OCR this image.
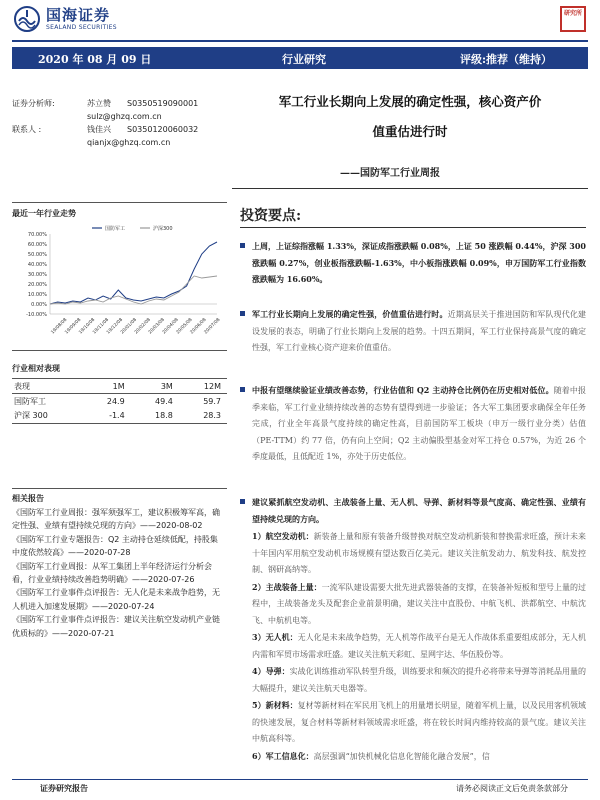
国海证券
SEALAND SECURITIES
研究所
2020 年 08 月 09 日	行业研究	评级:推荐（维持）
证券分析师:	苏立赞	S0350519090001
sulz@ghzq.com.cn
联系人 :	钱佳兴	S0350120060032
qianjx@ghzq.com.cn
军工行业长期向上发展的确定性强，核心资产价
值重估进行时
——国防军工行业周报
最近一年行业走势
70.00%
60.00%
50.00%
40.00%
30.00%
20.00%
10.00%
0.00%
-10.00%
19/08/08
19/09/08
19/10/08
19/11/08
19/12/08
20/01/08
20/02/08
20/03/08
20/04/08
20/05/08
20/06/08
20/07/08
国防军工	沪深300
行业相对表现
表现	1M	3M	12M
国防军工	24.9	49.4	59.7
沪深 300	-1.4	18.8	28.3
相关报告
《国防军工行业周报：强军须强军工，建议积极筹军高，确定性强、业绩有望持续兑现的方向》——2020-08-02
《国防军工行业专题报告：Q2 主动持仓延续低配，持股集中度依然较高》——2020-07-28
《国防军工行业周报：从军工集团上半年经济运行分析会看，行业业绩持续改善趋势明确》——2020-07-26
《国防军工行业事件点评报告：无人化是未来战争趋势，无人机进入加速发展期》——2020-07-24
《国防军工行业事件点评报告：建议关注航空发动机产业链优质标的》——2020-07-21
投资要点:
上周，上证综指涨幅 1.33%，深证成指涨跌幅 0.08%，上证 50 涨跌幅 0.44%，沪深 300 涨跌幅 0.27%，创业板指涨跌幅-1.63%，中小板指涨跌幅 0.09%，申万国防军工行业指数涨跌幅为 16.60%。
军工行业长期向上发展的确定性强，价值重估进行时。近期高层关于推进国防和军队现代化建设发展的表态，明确了行业长期向上发展的趋势。十四五期间，军工行业保持高景气度的确定性强，军工行业核心资产迎来价值重估。
中报有望继续验证业绩改善态势，行业估值和 Q2 主动持仓比例仍在历史相对低位。随着中报季来临，军工行业业绩持续改善的态势有望得到进一步验证；各大军工集团要求确保全年任务完成，行业全年高景气度持续的确定性高，目前国防军工板块（申万一级行业分类）估值（PE-TTM）约 77 倍，仍有向上空间；Q2 主动偏股型基金对军工持仓 0.57%，为近 26 个季度最低，且低配近 1%，亦处于历史低位。
建议紧抓航空发动机、主战装备上量、无人机、导弹、新材料等景气度高、确定性强、业绩有望持续兑现的方向。
1）航空发动机：新装备上量和原有装备升级替换对航空发动机新装和替换需求旺盛，预计未来十年国内军用航空发动机市场规模有望达数百亿美元。建议关注航发动力、航发科技、航发控制、钢研高纳等。
2）主战装备上量：一流军队建设需要大批先进武器装备的支撑，在装备补短板和型号上量的过程中，主战装备龙头及配套企业前景明确，建议关注中直股份、中航飞机、洪都航空、中航沈飞、中航机电等。
3）无人机：无人化是未来战争趋势，无人机等作战平台是无人作战体系重要组成部分，无人机内需和军贸市场需求旺盛。建议关注航天彩虹、星网宇达、华伍股份等。
4）导弹：实战化训练推动军队转型升级，训练要求和频次的提升必将带来导弹等消耗品用量的大幅提升，建议关注航天电器等。
5）新材料：复材等新材料在军民用飞机上的用量增长明显，随着军机上量，以及民用客机领域的快速发展，复合材料等新材料领域需求旺盛，将在较长时间内维持较高的景气度。建议关注中航高科等。
6）军工信息化：高层强调“加快机械化信息化智能化融合发展”，信
证券研究报告	请务必阅读正文后免责条款部分
